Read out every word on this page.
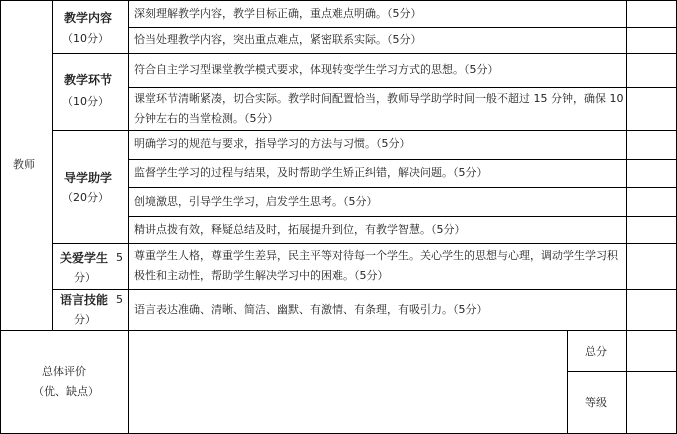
教师
教学内容
（10分）
教学环节
（10分）
导学助学
（20分）
关爱学生 5
分）
语言技能 5
分）
深刻理解教学内容，教学目标正确，重点难点明确。（5分）
恰当处理教学内容，突出重点难点，紧密联系实际。（5分）
符合自主学习型课堂教学模式要求，体现转变学生学习方式的思想。（5分）
课堂环节清晰紧凑，切合实际。教学时间配置恰当，教师导学助学时间一般不超过 15 分钟，确保 10 分钟左右的当堂检测。（5分）
明确学习的规范与要求，指导学习的方法与习惯。（5分）
监督学生学习的过程与结果，及时帮助学生矫正纠错，解决问题。（5分）
创境激思，引导学生学习，启发学生思考。（5分）
精讲点拨有效，释疑总结及时，拓展提升到位，有教学智慧。（5分）
尊重学生人格，尊重学生差异，民主平等对待每一个学生。关心学生的思想与心理，调动学生学习积极性和主动性，帮助学生解决学习中的困难。（5分）
语言表达准确、清晰、简洁、幽默、有激情、有条理，有吸引力。（5分）
总体评价
（优、缺点）
总分
等级
